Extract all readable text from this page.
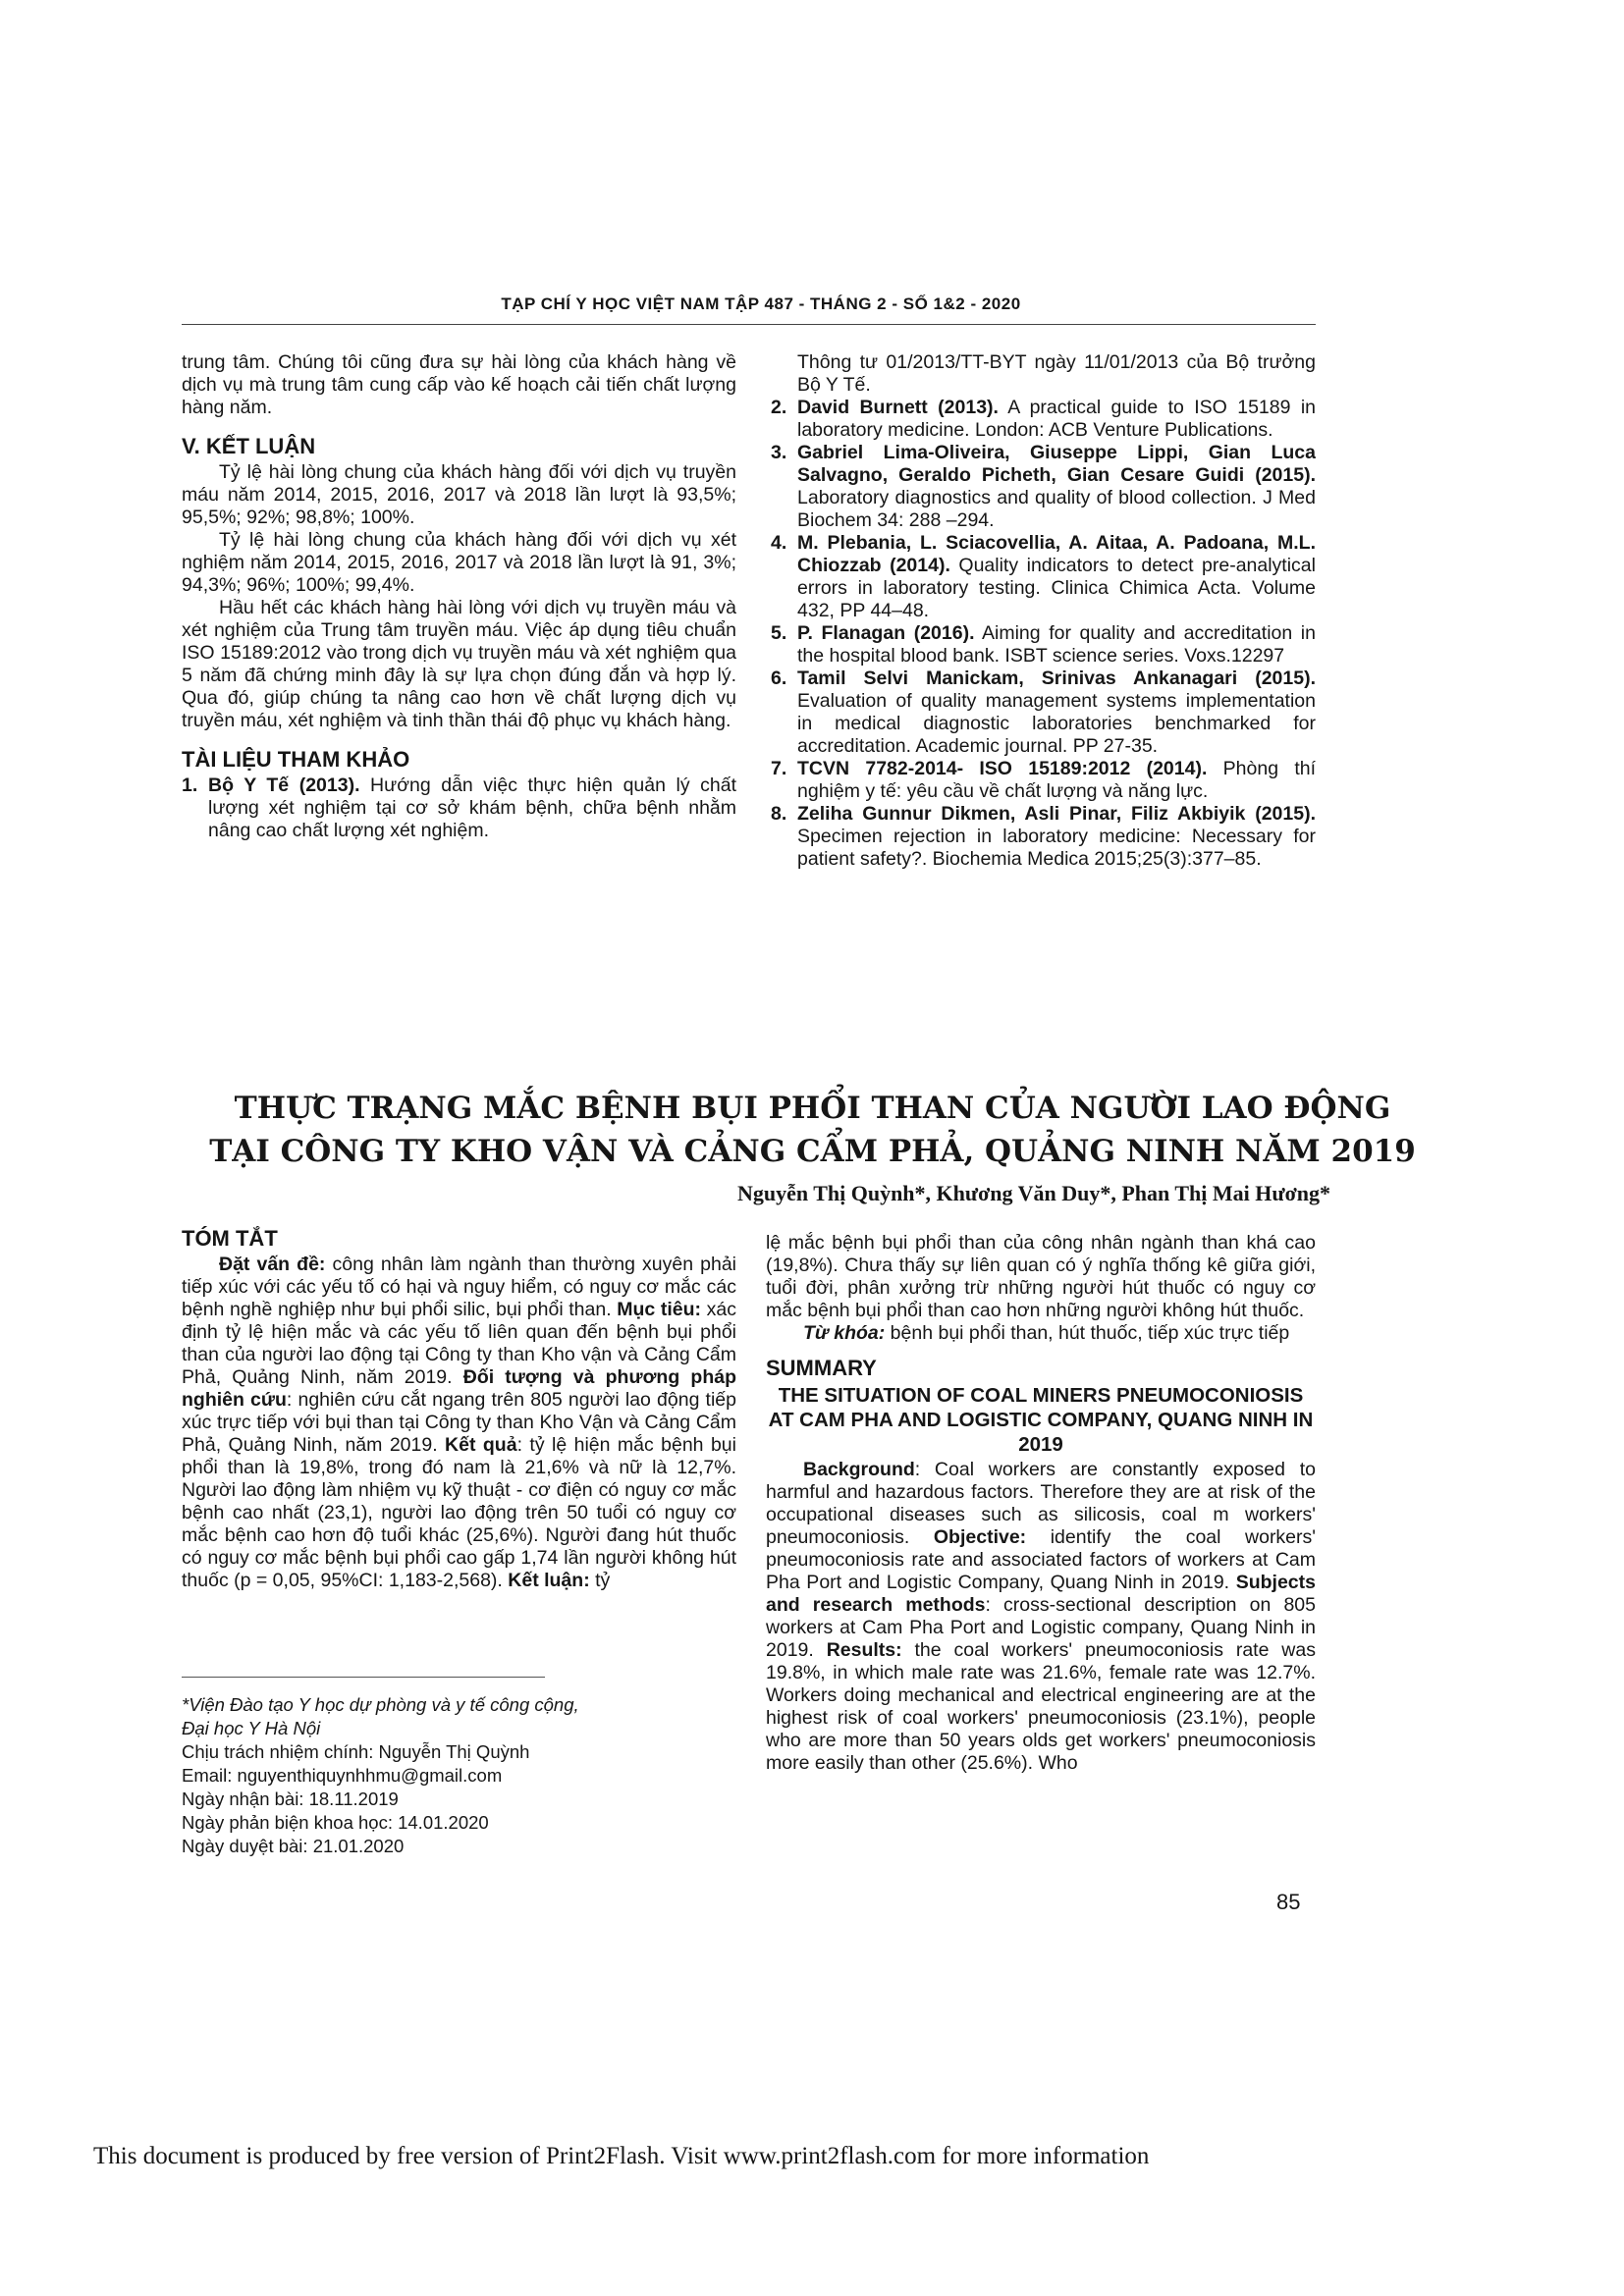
TẠP CHÍ Y HỌC VIỆT NAM TẬP 487 - THÁNG 2 - SỐ 1&2 - 2020

trung tâm. Chúng tôi cũng đưa sự hài lòng của khách hàng về dịch vụ mà trung tâm cung cấp vào kế hoạch cải tiến chất lượng hàng năm.

V. KẾT LUẬN

Tỷ lệ hài lòng chung của khách hàng đối với dịch vụ truyền máu năm 2014, 2015, 2016, 2017 và 2018 lần lượt là 93,5%; 95,5%; 92%; 98,8%; 100%.

Tỷ lệ hài lòng chung của khách hàng đối với dịch vụ xét nghiệm năm 2014, 2015, 2016, 2017 và 2018 lần lượt là 91, 3%; 94,3%; 96%; 100%; 99,4%.

Hầu hết các khách hàng hài lòng với dịch vụ truyền máu và xét nghiệm của Trung tâm truyền máu. Việc áp dụng tiêu chuẩn ISO 15189:2012 vào trong dịch vụ truyền máu và xét nghiệm qua 5 năm đã chứng minh đây là sự lựa chọn đúng đắn và hợp lý. Qua đó, giúp chúng ta nâng cao hơn về chất lượng dịch vụ truyền máu, xét nghiệm và tinh thần thái độ phục vụ khách hàng.

TÀI LIỆU THAM KHẢO

1. Bộ Y Tế (2013). Hướng dẫn việc thực hiện quản lý chất lượng xét nghiệm tại cơ sở khám bệnh, chữa bệnh nhằm nâng cao chất lượng xét nghiệm.

Thông tư 01/2013/TT-BYT ngày 11/01/2013 của Bộ trưởng Bộ Y Tế.

2. David Burnett (2013). A practical guide to ISO 15189 in laboratory medicine. London: ACB Venture Publications.
3. Gabriel Lima-Oliveira, Giuseppe Lippi, Gian Luca Salvagno, Geraldo Picheth, Gian Cesare Guidi (2015). Laboratory diagnostics and quality of blood collection. J Med Biochem 34: 288 –294.
4. M. Plebania, L. Sciacovellia, A. Aitaa, A. Padoana, M.L. Chiozzab (2014). Quality indicators to detect pre-analytical errors in laboratory testing. Clinica Chimica Acta. Volume 432, PP 44–48.
5. P. Flanagan (2016). Aiming for quality and accreditation in the hospital blood bank. ISBT science series. Voxs.12297
6. Tamil Selvi Manickam, Srinivas Ankanagari (2015). Evaluation of quality management systems implementation in medical diagnostic laboratories benchmarked for accreditation. Academic journal. PP 27-35.
7. TCVN 7782-2014- ISO 15189:2012 (2014). Phòng thí nghiệm y tế: yêu cầu về chất lượng và năng lực.
8. Zeliha Gunnur Dikmen, Asli Pinar, Filiz Akbiyik (2015). Specimen rejection in laboratory medicine: Necessary for patient safety?. Biochemia Medica 2015;25(3):377–85.
THỰC TRẠNG MẮC BỆNH BỤI PHỔI THAN CỦA NGƯỜI LAO ĐỘNG
TẠI CÔNG TY KHO VẬN VÀ CẢNG CẨM PHẢ, QUẢNG NINH NĂM 2019
Nguyễn Thị Quỳnh*, Khương Văn Duy*, Phan Thị Mai Hương*

TÓM TẮT

Đặt vấn đề: công nhân làm ngành than thường xuyên phải tiếp xúc với các yếu tố có hại và nguy hiểm, có nguy cơ mắc các bệnh nghề nghiệp như bụi phổi silic, bụi phổi than. Mục tiêu: xác định tỷ lệ hiện mắc và các yếu tố liên quan đến bệnh bụi phổi than của người lao động tại Công ty than Kho vận và Cảng Cẩm Phả, Quảng Ninh, năm 2019. Đối tượng và phương pháp nghiên cứu: nghiên cứu cắt ngang trên 805 người lao động tiếp xúc trực tiếp với bụi than tại Công ty than Kho Vận và Cảng Cẩm Phả, Quảng Ninh, năm 2019. Kết quả: tỷ lệ hiện mắc bệnh bụi phổi than là 19,8%, trong đó nam là 21,6% và nữ là 12,7%. Người lao động làm nhiệm vụ kỹ thuật - cơ điện có nguy cơ mắc bệnh cao nhất (23,1), người lao động trên 50 tuổi có nguy cơ mắc bệnh cao hơn độ tuổi khác (25,6%). Người đang hút thuốc có nguy cơ mắc bệnh bụi phổi cao gấp 1,74 lần người không hút thuốc (p = 0,05, 95%CI: 1,183-2,568). Kết luận: tỷ

*Viện Đào tạo Y học dự phòng và y tế công cộng, Đại học Y Hà Nội
Chịu trách nhiệm chính: Nguyễn Thị Quỳnh
Email: nguyenthiquynhhmu@gmail.com
Ngày nhận bài: 18.11.2019
Ngày phản biện khoa học: 14.01.2020
Ngày duyệt bài: 21.01.2020

lệ mắc bệnh bụi phổi than của công nhân ngành than khá cao (19,8%). Chưa thấy sự liên quan có ý nghĩa thống kê giữa giới, tuổi đời, phân xưởng trừ những người hút thuốc có nguy cơ mắc bệnh bụi phổi than cao hơn những người không hút thuốc.

Từ khóa: bệnh bụi phổi than, hút thuốc, tiếp xúc trực tiếp

SUMMARY

THE SITUATION OF COAL MINERS PNEUMOCONIOSIS AT CAM PHA AND LOGISTIC COMPANY, QUANG NINH IN 2019

Background: Coal workers are constantly exposed to harmful and hazardous factors. Therefore they are at risk of the occupational diseases such as silicosis, coal m workers' pneumoconiosis. Objective: identify the coal workers' pneumoconiosis rate and associated factors of workers at Cam Pha Port and Logistic Company, Quang Ninh in 2019. Subjects and research methods: cross-sectional description on 805 workers at Cam Pha Port and Logistic company, Quang Ninh in 2019. Results: the coal workers' pneumoconiosis rate was 19.8%, in which male rate was 21.6%, female rate was 12.7%. Workers doing mechanical and electrical engineering are at the highest risk of coal workers' pneumoconiosis (23.1%), people who are more than 50 years olds get workers' pneumoconiosis more easily than other (25.6%). Who

85
This document is produced by free version of Print2Flash. Visit www.print2flash.com for more information
